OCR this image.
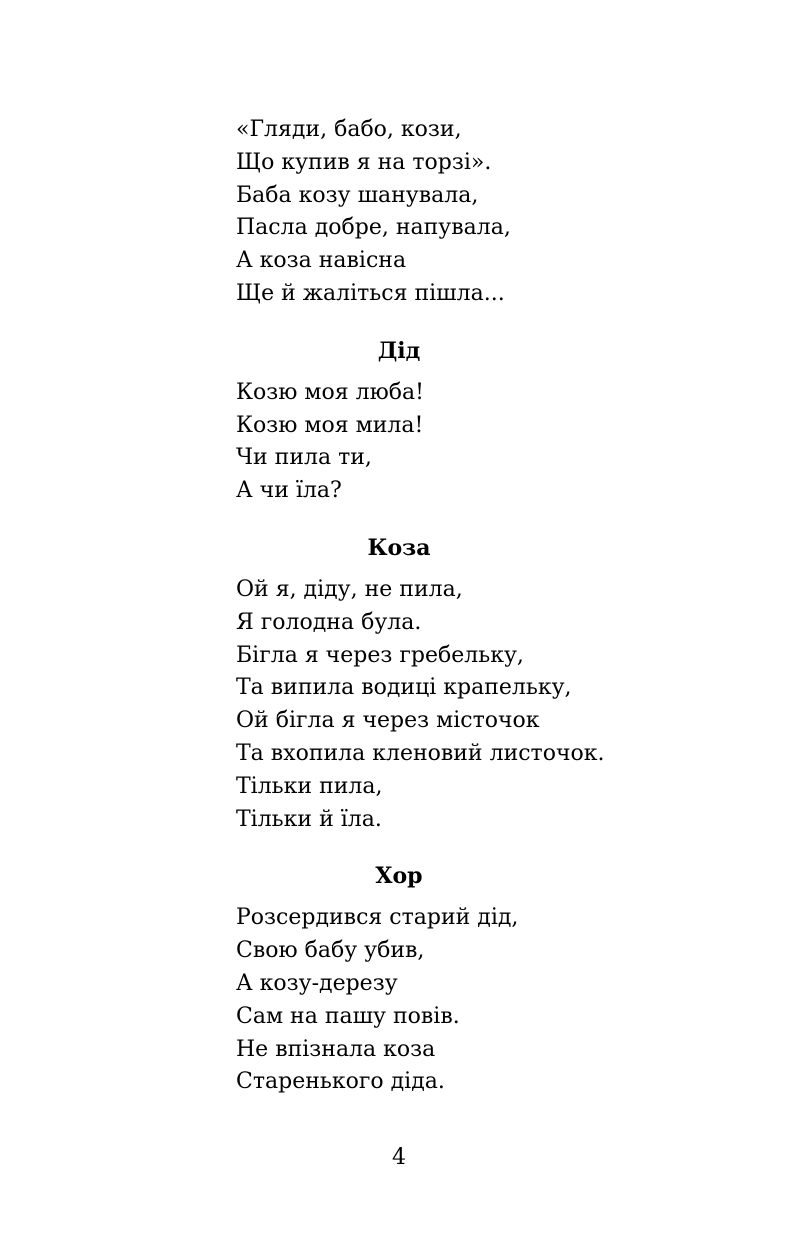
«Гляди, бабо, кози,
Що купив я на торзі».
Баба козу шанувала,
Пасла добре, напувала,
А коза навісна
Ще й жаліться пішла...
Дід
Козю моя люба!
Козю моя мила!
Чи пила ти,
А чи їла?
Коза
Ой я, діду, не пила,
Я голодна була.
Бігла я через гребельку,
Та випила водиці крапельку,
Ой бігла я через місточок
Та вхопила кленовий листочок.
Тільки пила,
Тільки й їла.
Хор
Розсердився старий дід,
Свою бабу убив,
А козу-дерезу
Сам на пашу повів.
Не впізнала коза
Старенького діда.
4
